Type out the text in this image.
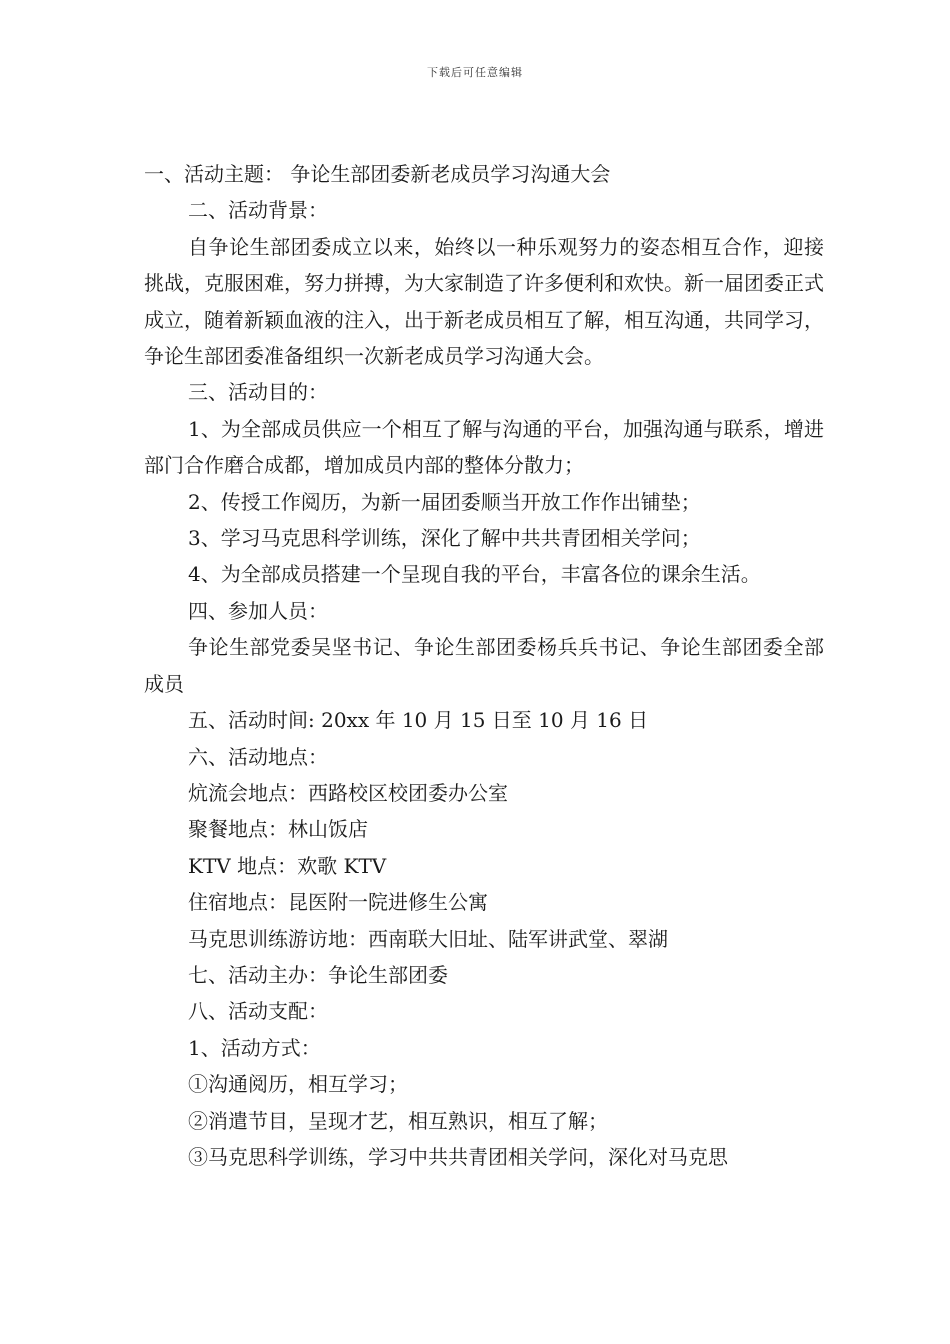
下载后可任意编辑

一、活动主题： 争论生部团委新老成员学习沟通大会

二、活动背景：

自争论生部团委成立以来，始终以一种乐观努力的姿态相互合作，迎接挑战，克服困难，努力拼搏，为大家制造了许多便利和欢快。新一届团委正式成立，随着新颖血液的注入，出于新老成员相互了解，相互沟通，共同学习，争论生部团委准备组织一次新老成员学习沟通大会。

三、活动目的：

1、为全部成员供应一个相互了解与沟通的平台，加强沟通与联系，增进部门合作磨合成都，增加成员内部的整体分散力；

2、传授工作阅历，为新一届团委顺当开放工作作出铺垫；

3、学习马克思科学训练，深化了解中共共青团相关学问；

4、为全部成员搭建一个呈现自我的平台，丰富各位的课余生活。

四、参加人员：

争论生部党委吴坚书记、争论生部团委杨兵兵书记、争论生部团委全部成员

五、活动时间: 20xx 年 10 月 15 日至 10 月 16 日

六、活动地点：

炕流会地点：西路校区校团委办公室

聚餐地点：林山饭店

KTV 地点：欢歌 KTV

住宿地点：昆医附一院进修生公寓

马克思训练游访地：西南联大旧址、陆军讲武堂、翠湖

七、活动主办：争论生部团委

八、活动支配：

1、活动方式：

①沟通阅历，相互学习；

②消遣节目，呈现才艺，相互熟识，相互了解；

③马克思科学训练，学习中共共青团相关学问，深化对马克思
